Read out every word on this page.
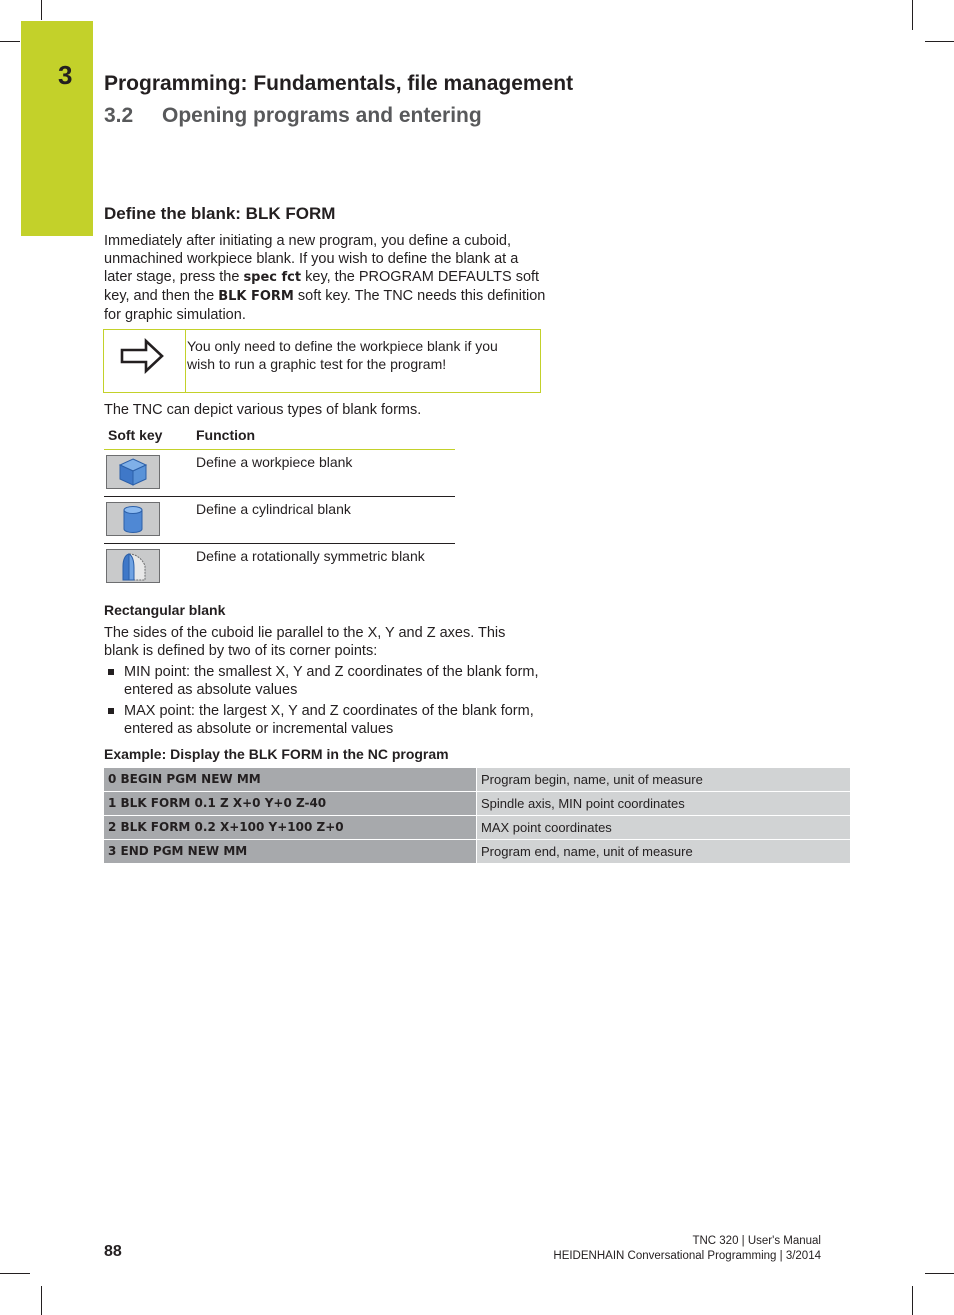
3 Programming: Fundamentals, file management
3.2 Opening programs and entering
Define the blank: BLK FORM

Immediately after initiating a new program, you define a cuboid, unmachined workpiece blank. If you wish to define the blank at a later stage, press the spec fct key, the PROGRAM DEFAULTS soft key, and then the BLK FORM soft key. The TNC needs this definition for graphic simulation.

You only need to define the workpiece blank if you wish to run a graphic test for the program!

The TNC can depict various types of blank forms.

Soft key Function
Define a workpiece blank
Define a cylindrical blank
Define a rotationally symmetric blank
Rectangular blank

The sides of the cuboid lie parallel to the X, Y and Z axes. This blank is defined by two of its corner points:

MIN point: the smallest X, Y and Z coordinates of the blank form, entered as absolute values
MAX point: the largest X, Y and Z coordinates of the blank form, entered as absolute or incremental values
Example: Display the BLK FORM in the NC program
0 BEGIN PGM NEW MM	Program begin, name, unit of measure
1 BLK FORM 0.1 Z X+0 Y+0 Z-40	Spindle axis, MIN point coordinates
2 BLK FORM 0.2 X+100 Y+100 Z+0	MAX point coordinates
3 END PGM NEW MM	Program end, name, unit of measure
88
TNC 320 | User's Manual
HEIDENHAIN Conversational Programming | 3/2014
